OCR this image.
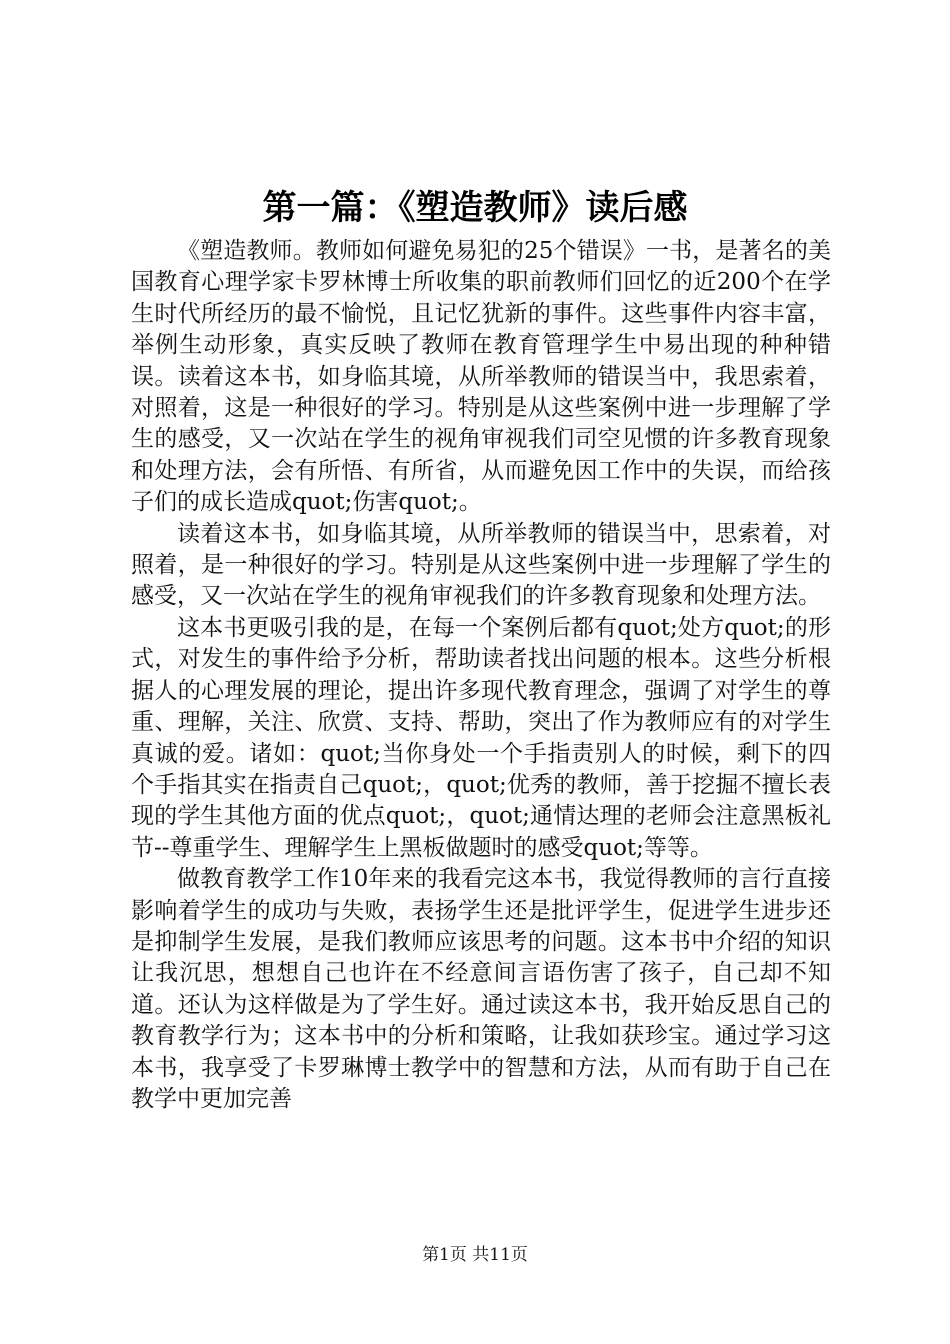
第一篇：《塑造教师》读后感

《塑造教师。教师如何避免易犯的25个错误》一书，是著名的美国教育心理学家卡罗林博士所收集的职前教师们回忆的近200个在学生时代所经历的最不愉悦，且记忆犹新的事件。这些事件内容丰富，举例生动形象，真实反映了教师在教育管理学生中易出现的种种错误。读着这本书，如身临其境，从所举教师的错误当中，我思索着，对照着，这是一种很好的学习。特别是从这些案例中进一步理解了学生的感受，又一次站在学生的视角审视我们司空见惯的许多教育现象和处理方法，会有所悟、有所省，从而避免因工作中的失误，而给孩子们的成长造成quot;伤害quot;。

读着这本书，如身临其境，从所举教师的错误当中，思索着，对照着，是一种很好的学习。特别是从这些案例中进一步理解了学生的感受，又一次站在学生的视角审视我们的许多教育现象和处理方法。

这本书更吸引我的是，在每一个案例后都有quot;处方quot;的形式，对发生的事件给予分析，帮助读者找出问题的根本。这些分析根据人的心理发展的理论，提出许多现代教育理念，强调了对学生的尊重、理解，关注、欣赏、支持、帮助，突出了作为教师应有的对学生真诚的爱。诸如：quot;当你身处一个手指责别人的时候，剩下的四个手指其实在指责自己quot;，quot;优秀的教师，善于挖掘不擅长表现的学生其他方面的优点quot;，quot;通情达理的老师会注意黑板礼节--尊重学生、理解学生上黑板做题时的感受quot;等等。

做教育教学工作10年来的我看完这本书，我觉得教师的言行直接影响着学生的成功与失败，表扬学生还是批评学生，促进学生进步还是抑制学生发展，是我们教师应该思考的问题。这本书中介绍的知识让我沉思，想想自己也许在不经意间言语伤害了孩子，自己却不知道。还认为这样做是为了学生好。通过读这本书，我开始反思自己的教育教学行为；这本书中的分析和策略，让我如获珍宝。通过学习这本书，我享受了卡罗琳博士教学中的智慧和方法，从而有助于自己在教学中更加完善

第1页 共11页
